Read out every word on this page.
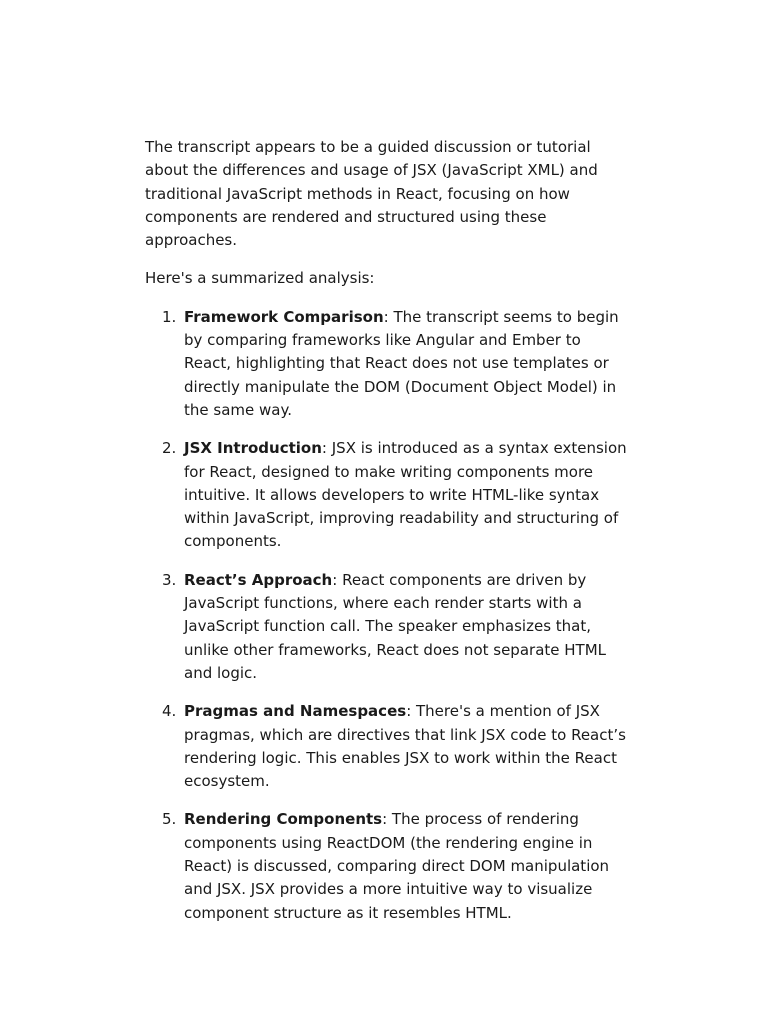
The transcript appears to be a guided discussion or tutorial about the differences and usage of JSX (JavaScript XML) and traditional JavaScript methods in React, focusing on how components are rendered and structured using these approaches.

Here's a summarized analysis:

1. Framework Comparison: The transcript seems to begin by comparing frameworks like Angular and Ember to React, highlighting that React does not use templates or directly manipulate the DOM (Document Object Model) in the same way.
2. JSX Introduction: JSX is introduced as a syntax extension for React, designed to make writing components more intuitive. It allows developers to write HTML-like syntax within JavaScript, improving readability and structuring of components.
3. React’s Approach: React components are driven by JavaScript functions, where each render starts with a JavaScript function call. The speaker emphasizes that, unlike other frameworks, React does not separate HTML and logic.
4. Pragmas and Namespaces: There's a mention of JSX pragmas, which are directives that link JSX code to React’s rendering logic. This enables JSX to work within the React ecosystem.
5. Rendering Components: The process of rendering components using ReactDOM (the rendering engine in React) is discussed, comparing direct DOM manipulation and JSX. JSX provides a more intuitive way to visualize component structure as it resembles HTML.
